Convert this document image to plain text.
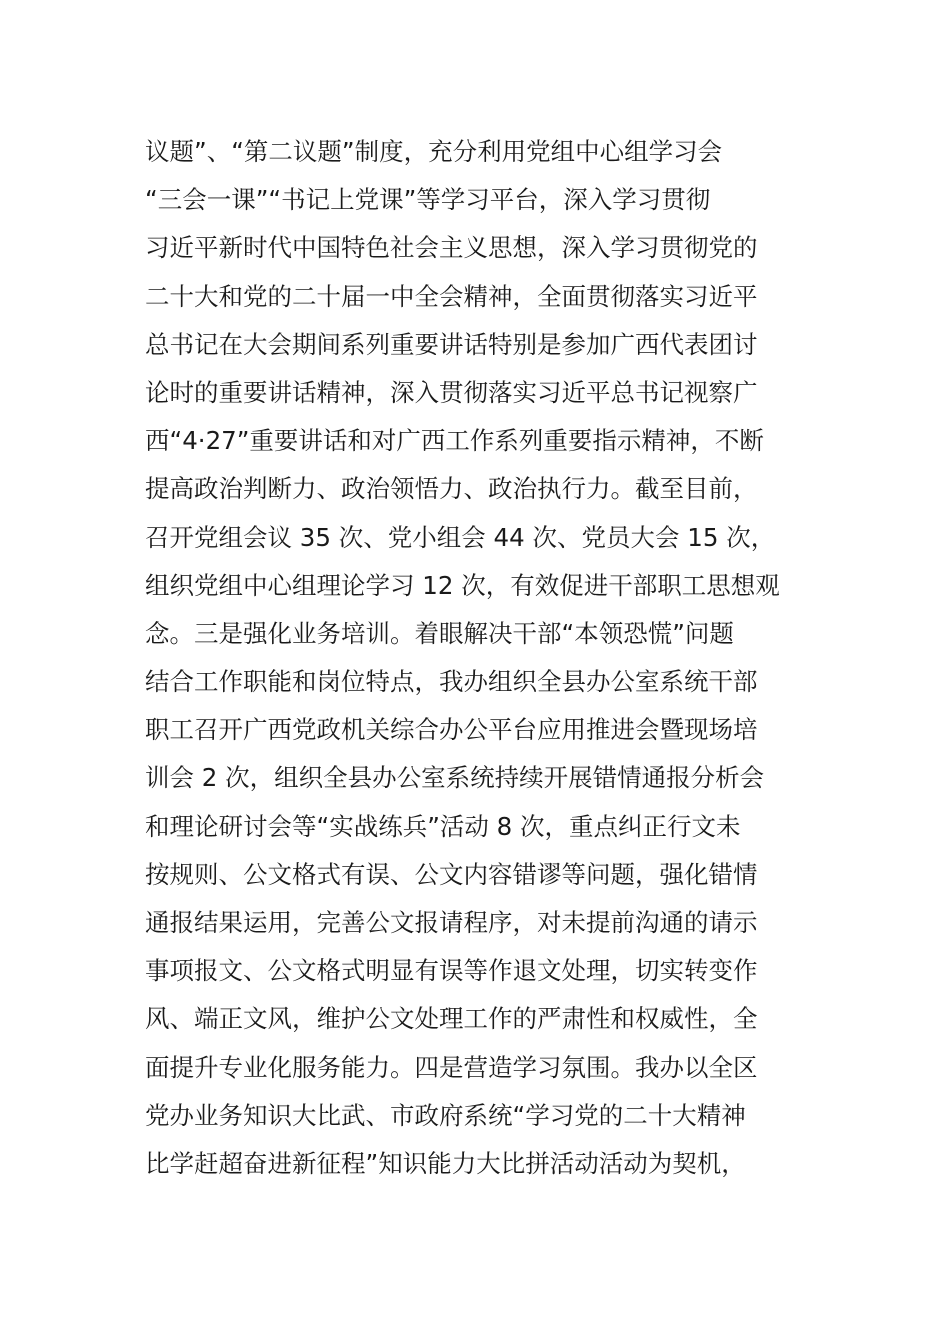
议题”、“第二议题”制度，充分利用党组中心组学习会
“三会一课”“书记上党课”等学习平台，深入学习贯彻
习近平新时代中国特色社会主义思想，深入学习贯彻党的
二十大和党的二十届一中全会精神，全面贯彻落实习近平
总书记在大会期间系列重要讲话特别是参加广西代表团讨
论时的重要讲话精神，深入贯彻落实习近平总书记视察广
西“4·27”重要讲话和对广西工作系列重要指示精神，不断
提高政治判断力、政治领悟力、政治执行力。截至目前，
召开党组会议 35 次、党小组会 44 次、党员大会 15 次，
组织党组中心组理论学习 12 次，有效促进干部职工思想观
念。三是强化业务培训。着眼解决干部“本领恐慌”问题
结合工作职能和岗位特点，我办组织全县办公室系统干部
职工召开广西党政机关综合办公平台应用推进会暨现场培
训会 2 次，组织全县办公室系统持续开展错情通报分析会
和理论研讨会等“实战练兵”活动 8 次，重点纠正行文未
按规则、公文格式有误、公文内容错谬等问题，强化错情
通报结果运用，完善公文报请程序，对未提前沟通的请示
事项报文、公文格式明显有误等作退文处理，切实转变作
风、端正文风，维护公文处理工作的严肃性和权威性，全
面提升专业化服务能力。四是营造学习氛围。我办以全区
党办业务知识大比武、市政府系统“学习党的二十大精神
比学赶超奋进新征程”知识能力大比拼活动活动为契机，
